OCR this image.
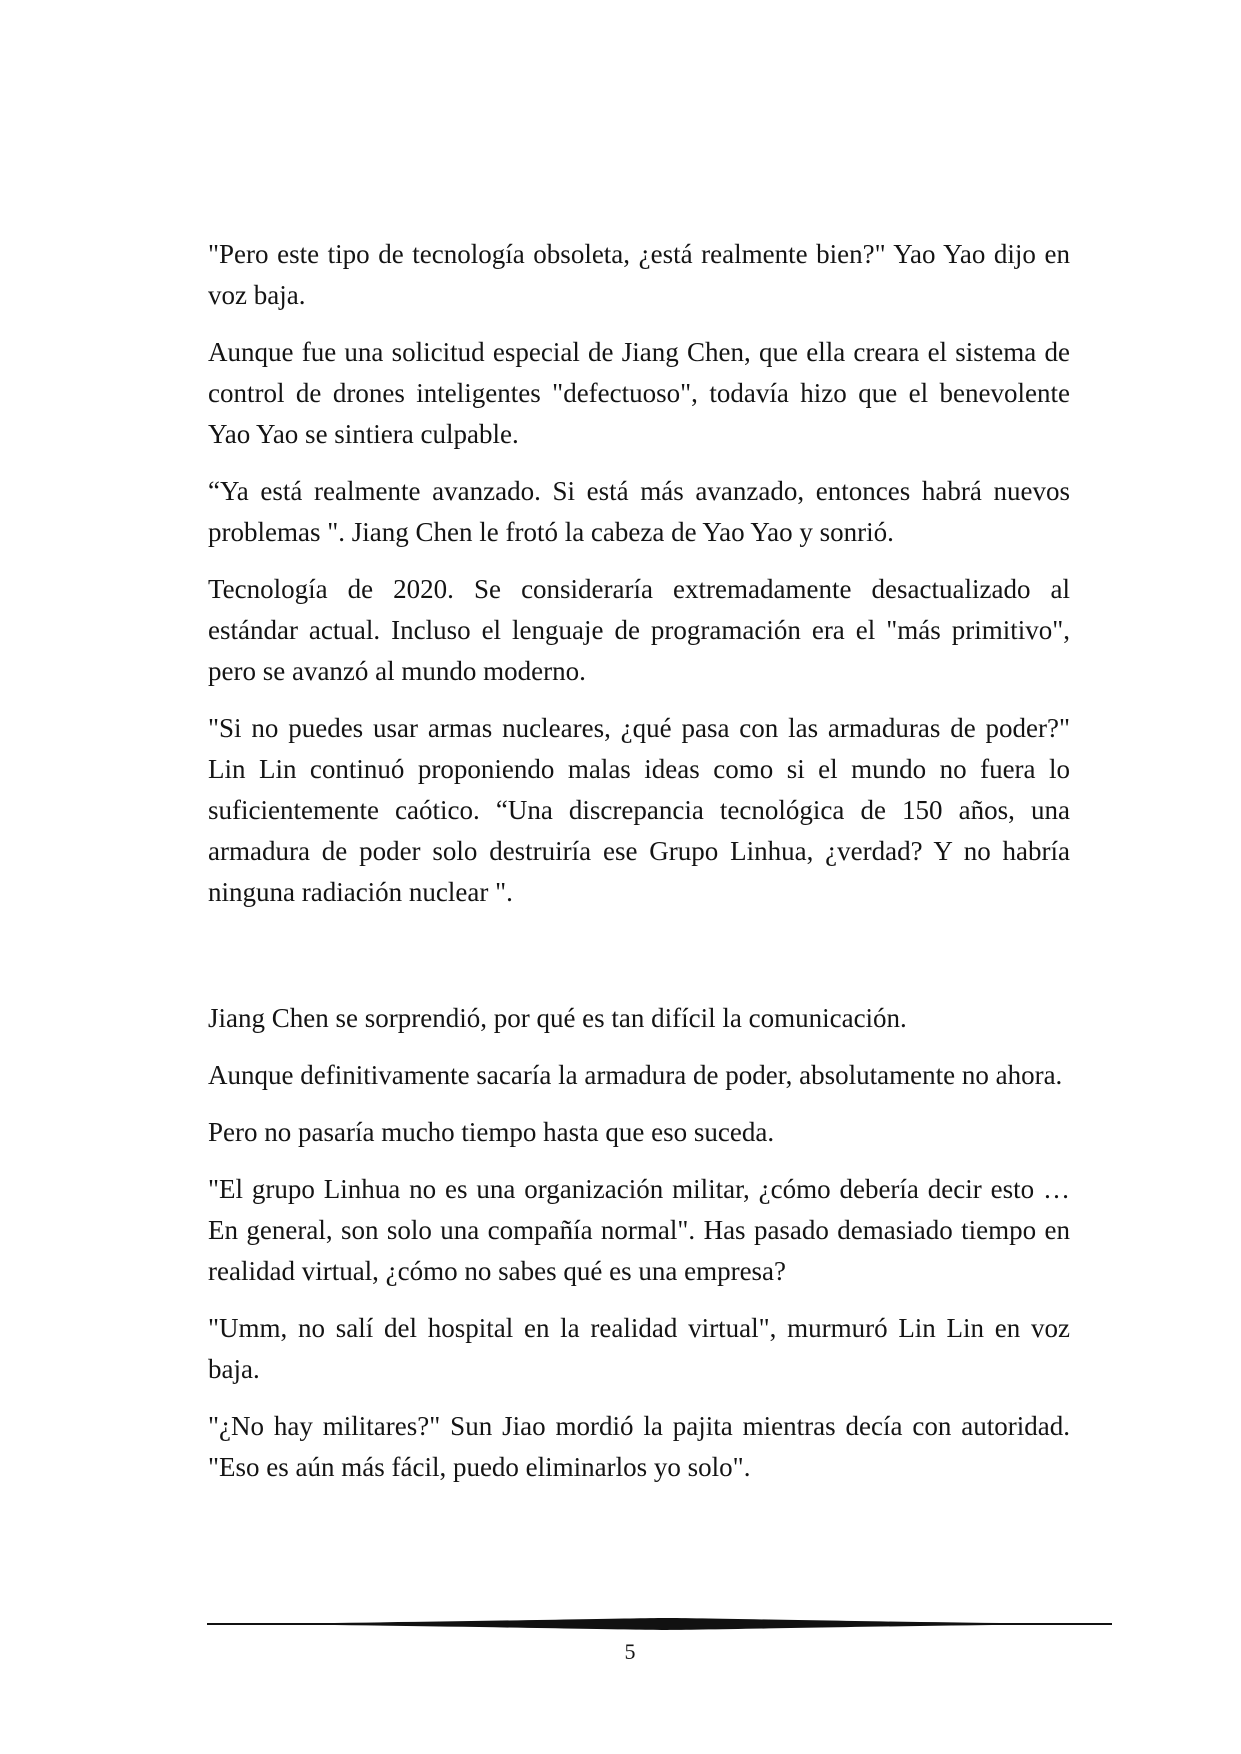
"Pero este tipo de tecnología obsoleta, ¿está realmente bien?" Yao Yao dijo en voz baja.

Aunque fue una solicitud especial de Jiang Chen, que ella creara el sistema de control de drones inteligentes "defectuoso", todavía hizo que el benevolente Yao Yao se sintiera culpable.

“Ya está realmente avanzado. Si está más avanzado, entonces habrá nuevos problemas ". Jiang Chen le frotó la cabeza de Yao Yao y sonrió.

Tecnología de 2020. Se consideraría extremadamente desactualizado al estándar actual. Incluso el lenguaje de programación era el "más primitivo", pero se avanzó al mundo moderno.

"Si no puedes usar armas nucleares, ¿qué pasa con las armaduras de poder?" Lin Lin continuó proponiendo malas ideas como si el mundo no fuera lo suficientemente caótico. “Una discrepancia tecnológica de 150 años, una armadura de poder solo destruiría ese Grupo Linhua, ¿verdad? Y no habría ninguna radiación nuclear ".

Jiang Chen se sorprendió, por qué es tan difícil la comunicación.

Aunque definitivamente sacaría la armadura de poder, absolutamente no ahora.

Pero no pasaría mucho tiempo hasta que eso suceda.

"El grupo Linhua no es una organización militar, ¿cómo debería decir esto … En general, son solo una compañía normal". Has pasado demasiado tiempo en realidad virtual, ¿cómo no sabes qué es una empresa?

"Umm, no salí del hospital en la realidad virtual", murmuró Lin Lin en voz baja.

"¿No hay militares?" Sun Jiao mordió la pajita mientras decía con autoridad. "Eso es aún más fácil, puedo eliminarlos yo solo".

5
